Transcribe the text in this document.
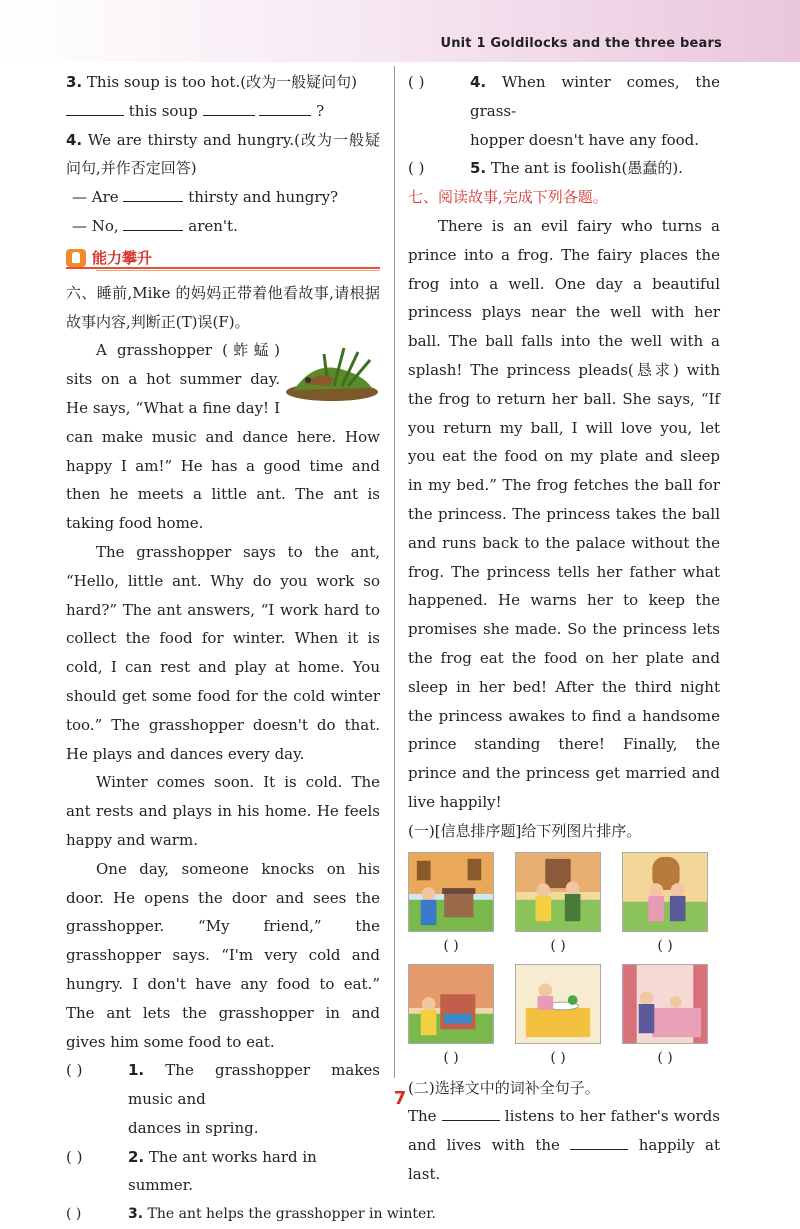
Unit 1 Goldilocks and the three bears

3. This soup is too hot.(改为一般疑问句)

this soup	?

4. We are thirsty and hungry.(改为一般疑问句,并作否定回答)

— Are	thirsty and hungry?

— No,	aren't.

能力攀升

六、睡前,Mike 的妈妈正带着他看故事,请根据故事内容,判断正(T)误(F)。

A grasshopper (蚱蜢) sits on a hot summer day. He says, “What a fine day! I can make music and dance here. How happy I am!” He has a good time and then he meets a little ant. The ant is taking food home.

The grasshopper says to the ant, “Hello, little ant. Why do you work so hard?” The ant answers, “I work hard to collect the food for winter. When it is cold, I can rest and play at home. You should get some food for the cold winter too.” The grasshopper doesn't do that. He plays and dances every day.

Winter comes soon. It is cold. The ant rests and plays in his home. He feels happy and warm.

One day, someone knocks on his door. He opens the door and sees the grasshopper. “My friend,” the grasshopper says. “I'm very cold and hungry. I don't have any food to eat.” The ant lets the grasshopper in and gives him some food to eat.

( )	1. The grasshopper makes music and

dances in spring.

( )	2. The ant works hard in summer.
( )	3. The ant helps the grasshopper in winter.
( )	4. When winter comes, the grass-

hopper doesn't have any food.

( )	5. The ant is foolish(愚蠢的).

七、阅读故事,完成下列各题。

There is an evil fairy who turns a prince into a frog. The fairy places the frog into a well. One day a beautiful princess plays near the well with her ball. The ball falls into the well with a splash! The princess pleads(恳求) with the frog to return her ball. She says, “If you return my ball, I will love you, let you eat the food on my plate and sleep in my bed.” The frog fetches the ball for the princess. The princess takes the ball and runs back to the palace without the frog. The princess tells her father what happened. He warns her to keep the promises she made. So the princess lets the frog eat the food on her plate and sleep in her bed! After the third night the princess awakes to find a handsome prince standing there! Finally, the prince and the princess get married and live happily!

(一)[信息排序题]给下列图片排序。

( )	( )	( )
( )	( )	( )

(二)选择文中的词补全句子。

The	listens to her father's words and lives with the	happily at last.

7
